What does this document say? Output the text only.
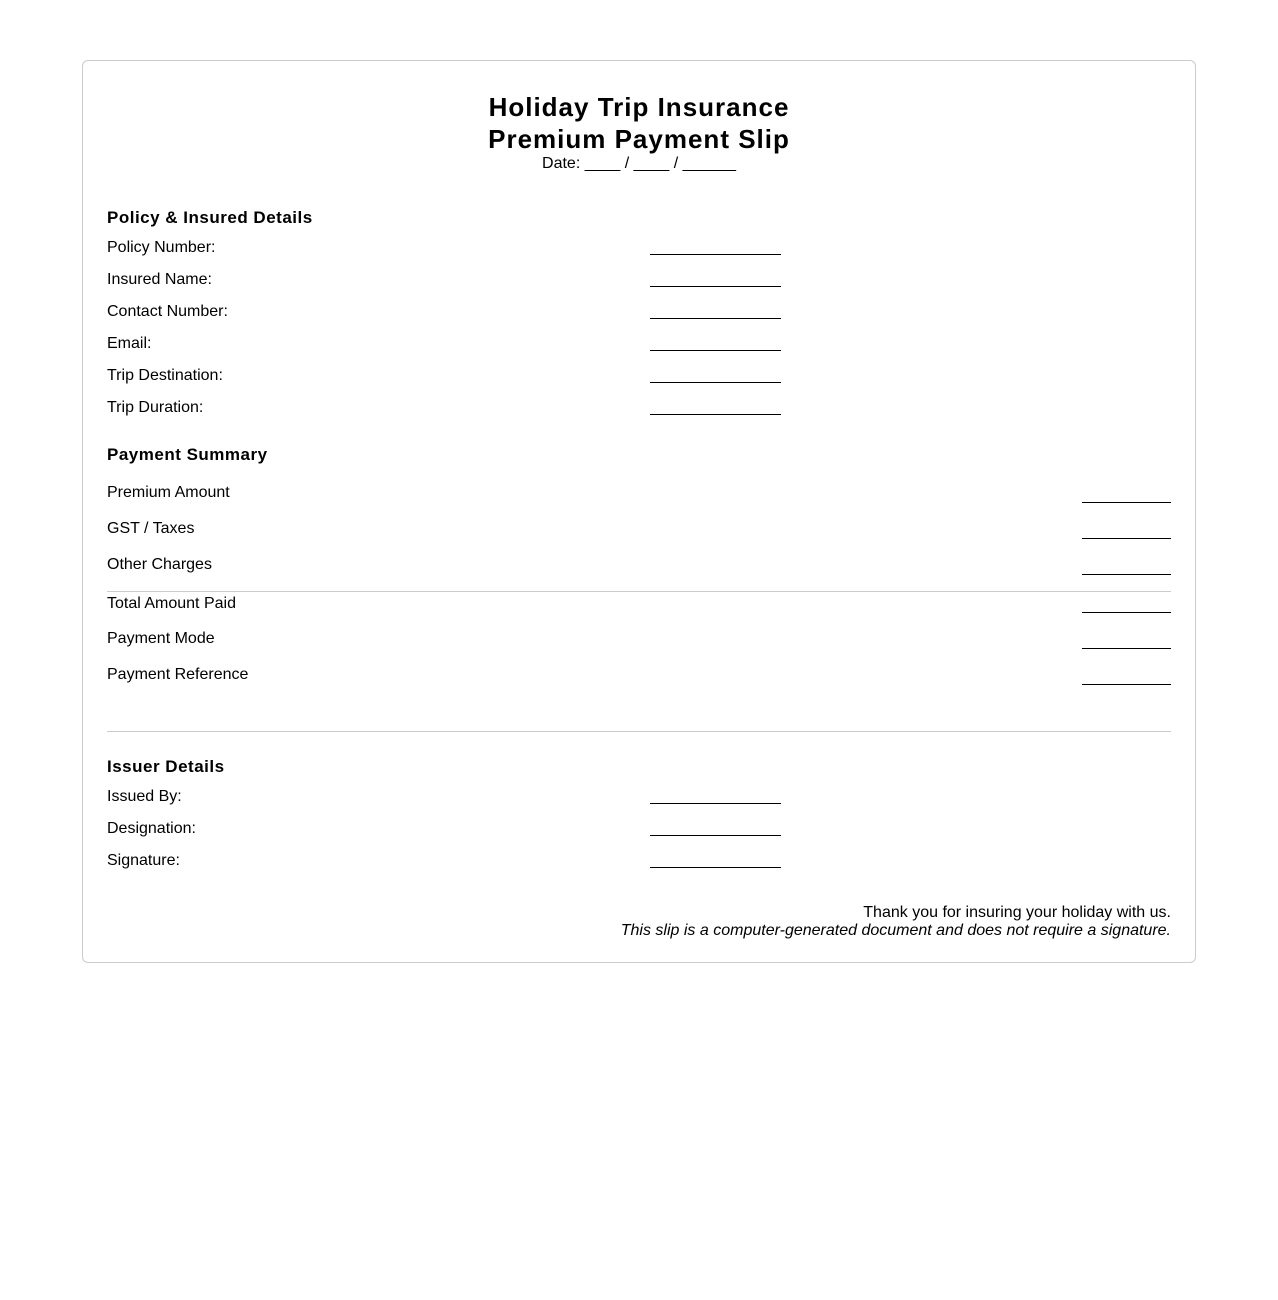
Holiday Trip Insurance
Premium Payment Slip
Date: ____ / ____ / ______
Policy & Insured Details
Policy Number:
Insured Name:
Contact Number:
Email:
Trip Destination:
Trip Duration:
Payment Summary
Premium Amount
GST / Taxes
Other Charges
Total Amount Paid
Payment Mode
Payment Reference
Issuer Details
Issued By:
Designation:
Signature:
Thank you for insuring your holiday with us.
This slip is a computer-generated document and does not require a signature.
